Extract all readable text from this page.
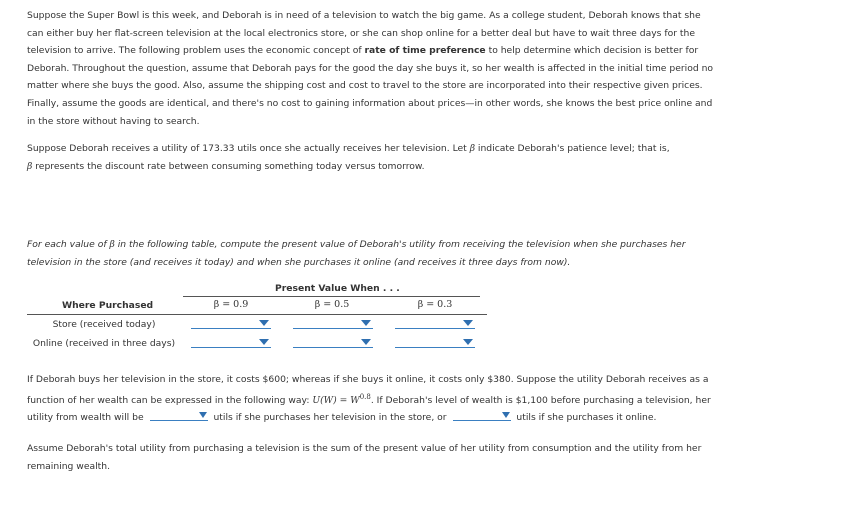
Suppose the Super Bowl is this week, and Deborah is in need of a television to watch the big game. As a college student, Deborah knows that she can either buy her flat-screen television at the local electronics store, or she can shop online for a better deal but have to wait three days for the television to arrive. The following problem uses the economic concept of rate of time preference to help determine which decision is better for Deborah. Throughout the question, assume that Deborah pays for the good the day she buys it, so her wealth is affected in the initial time period no matter where she buys the good. Also, assume the shipping cost and cost to travel to the store are incorporated into their respective given prices. Finally, assume the goods are identical, and there's no cost to gaining information about prices—in other words, she knows the best price online and in the store without having to search.

Suppose Deborah receives a utility of 173.33 utils once she actually receives her television. Let β indicate Deborah's patience level; that is,
β represents the discount rate between consuming something today versus tomorrow.

For each value of β in the following table, compute the present value of Deborah's utility from receiving the television when she purchases her television in the store (and receives it today) and when she purchases it online (and receives it three days from now).

Present Value When . . .
Where Purchased	β = 0.9	β = 0.5	β = 0.3
Store (received today)
Online (received in three days)

If Deborah buys her television in the store, it costs $600; whereas if she buys it online, it costs only $380. Suppose the utility Deborah receives as a function of her wealth can be expressed in the following way: $U(W) = W^{0.8}$. If Deborah's level of wealth is $1,100 before purchasing a television, her utility from wealth will be	utils if she purchases her television in the store, or	utils if she purchases it online.

Assume Deborah's total utility from purchasing a television is the sum of the present value of her utility from consumption and the utility from her remaining wealth.
